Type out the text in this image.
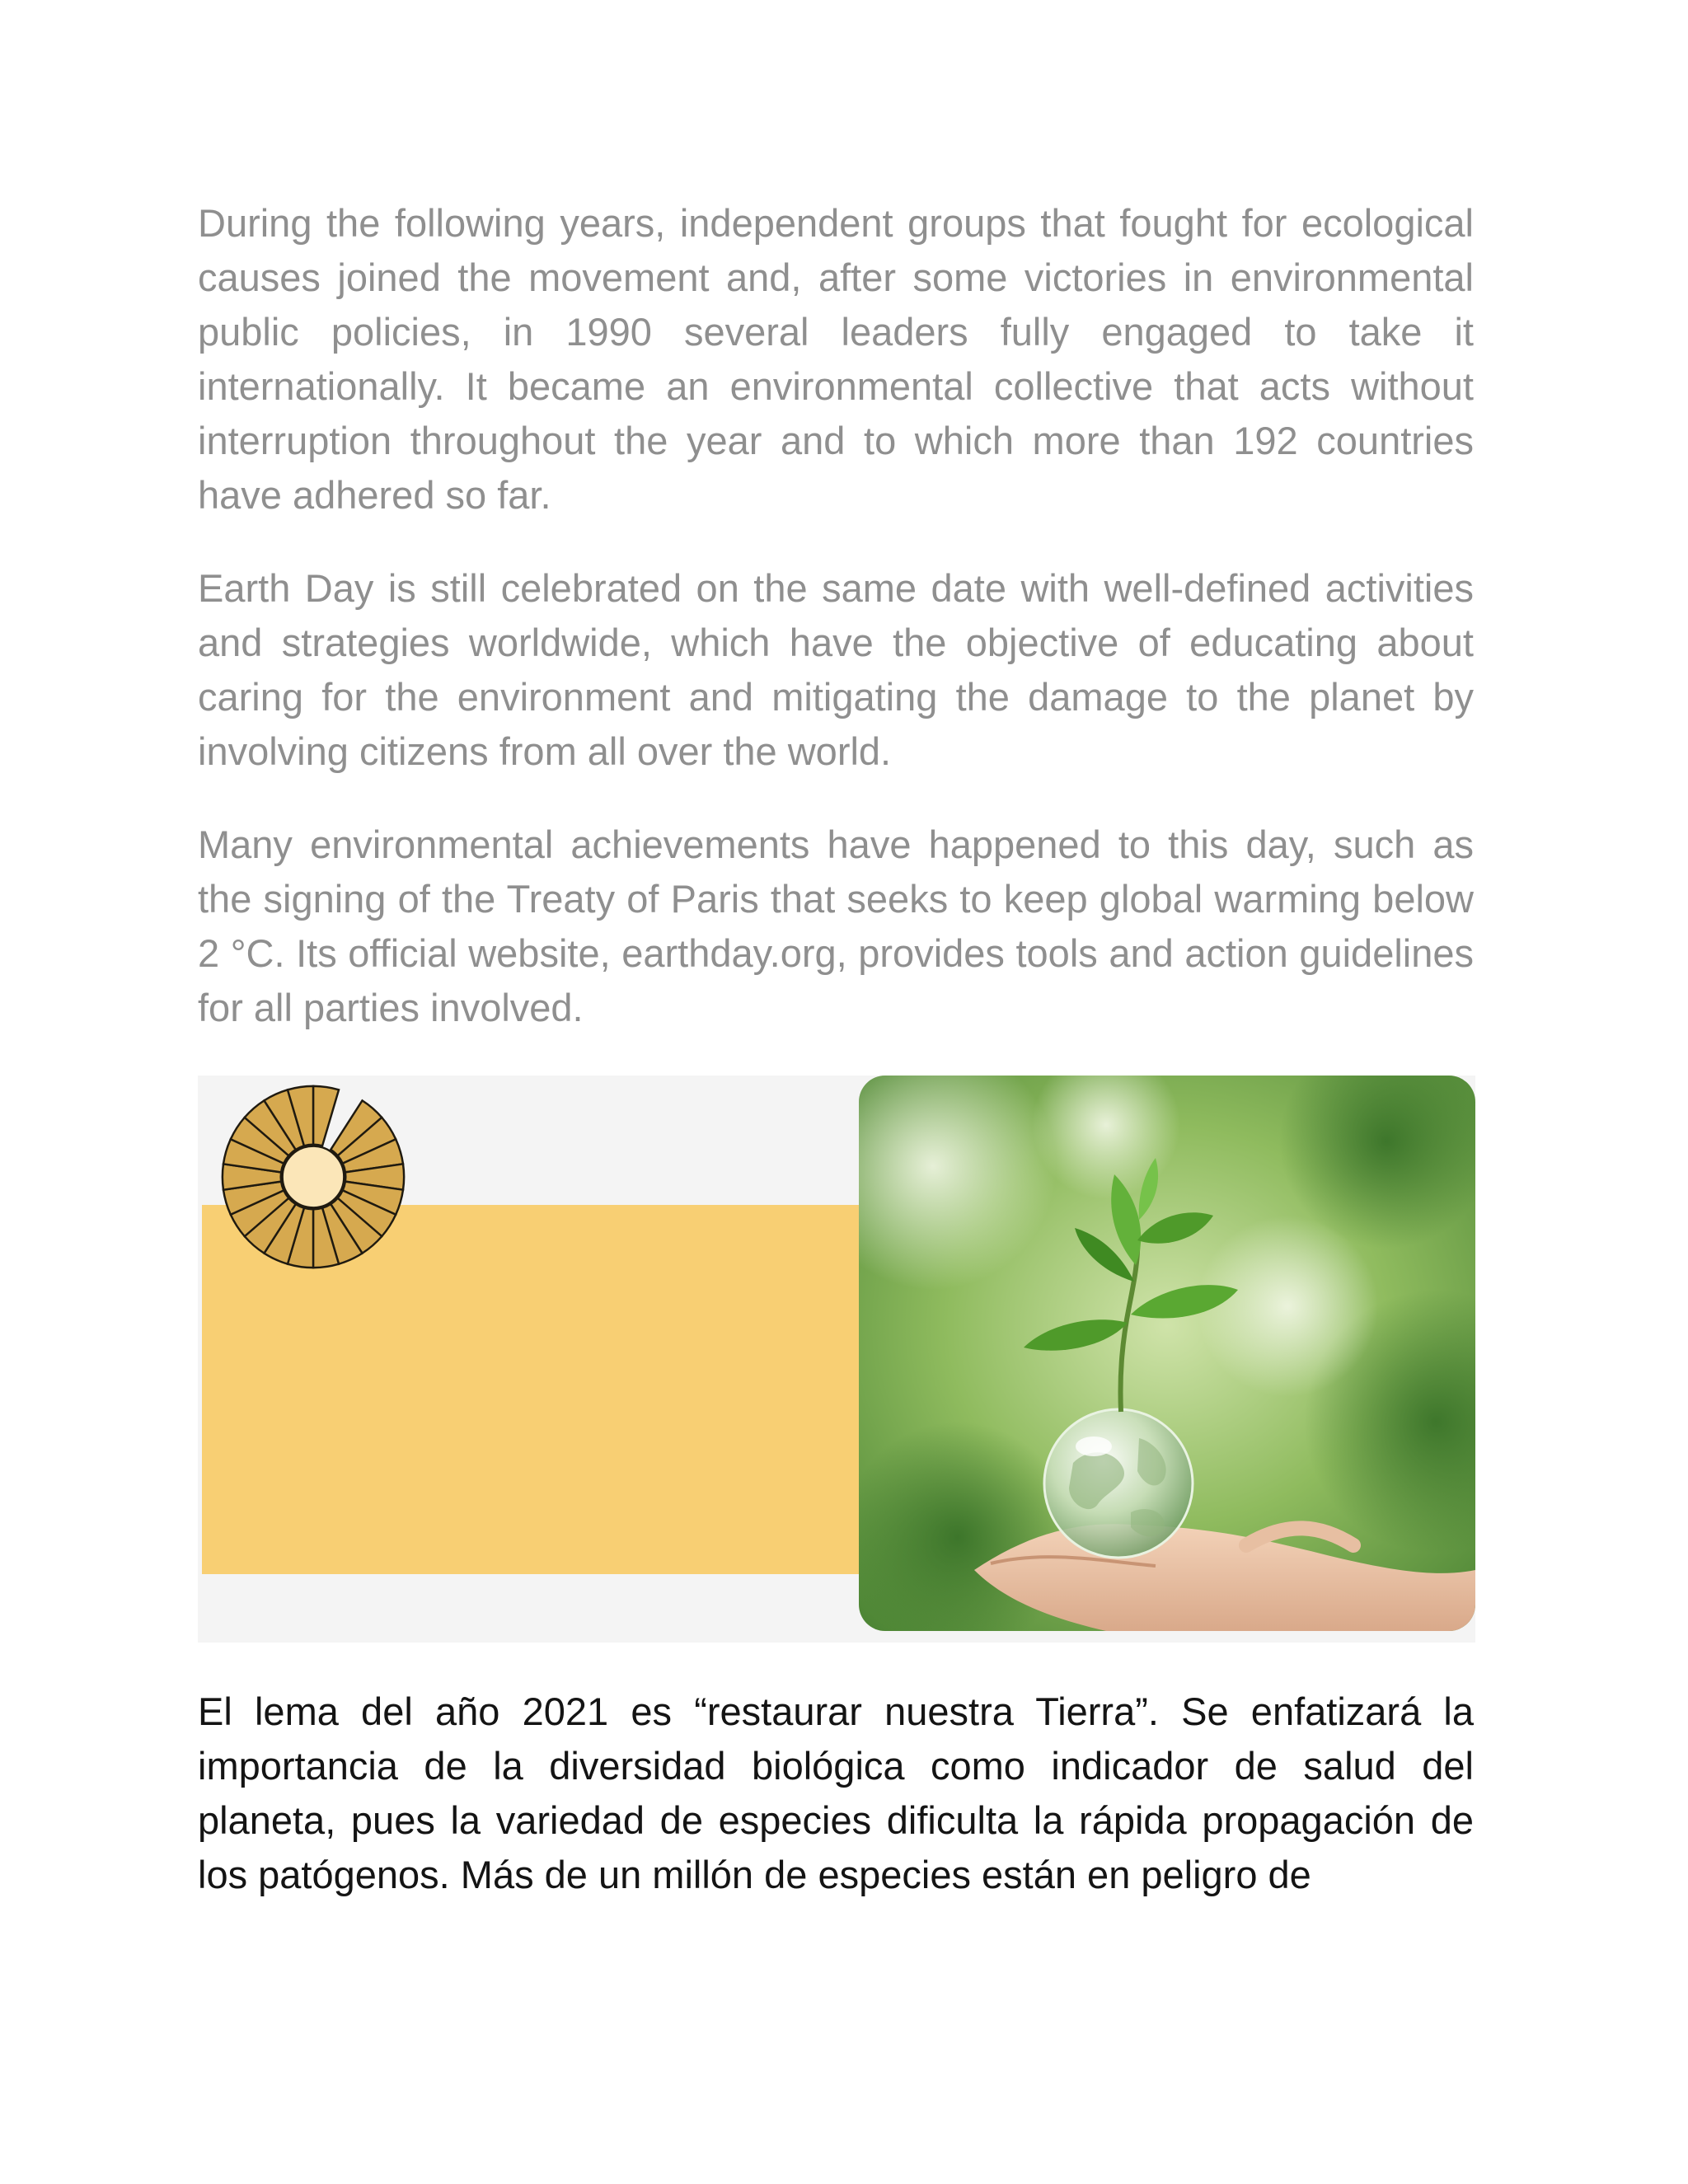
During the following years, independent groups that fought for ecological causes joined the movement and, after some victories in environmental public policies, in 1990 several leaders fully engaged to take it internationally. It became an environmental collective that acts without interruption throughout the year and to which more than 192 countries have adhered so far.

Earth Day is still celebrated on the same date with well-defined activities and strategies worldwide, which have the objective of educating about caring for the environment and mitigating the damage to the planet by involving citizens from all over the world.

Many environmental achievements have happened to this day, such as the signing of the Treaty of Paris that seeks to keep global warming below 2 °C. Its official website, earthday.org, provides tools and action guidelines for all parties involved.

El lema del año 2021 es “restaurar nuestra Tierra”. Se enfatizará la importancia de la diversidad biológica como indicador de salud del planeta, pues la variedad de especies dificulta la rápida propagación de los patógenos. Más de un millón de especies están en peligro de
